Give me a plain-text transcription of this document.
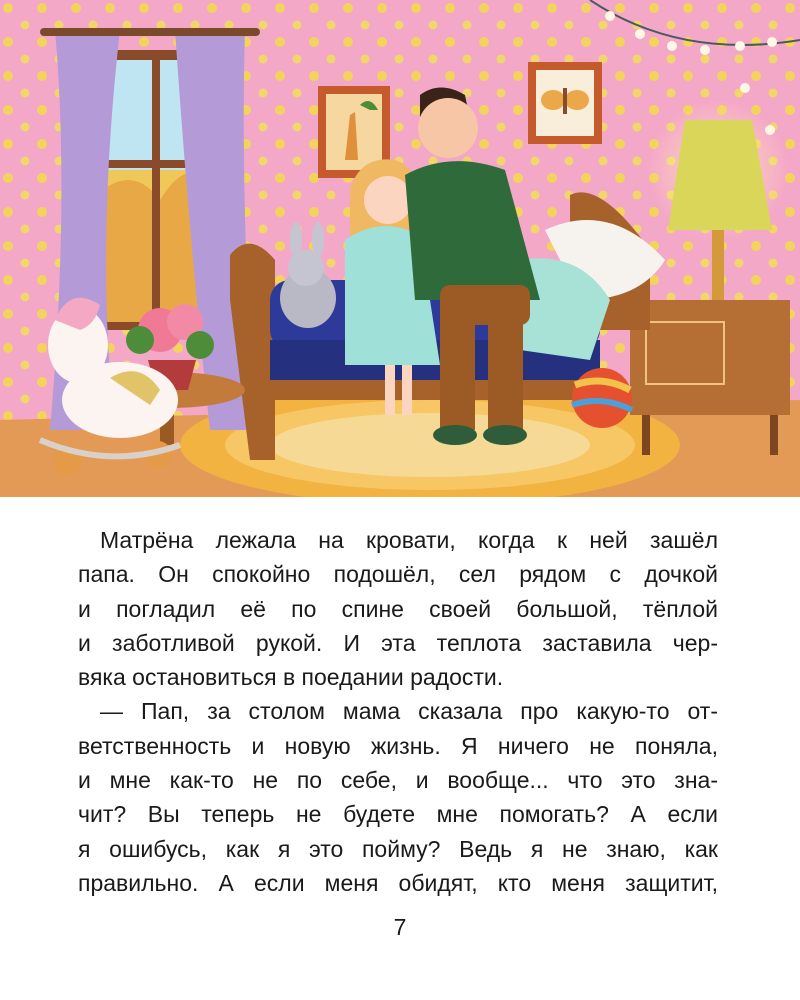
Матрёна лежала на кровати, когда к ней зашёл
папа. Он спокойно подошёл, сел рядом с дочкой
и погладил её по спине своей большой, тёплой
и заботливой рукой. И эта теплота заставила чер-
вяка остановиться в поедании радости.
— Пап, за столом мама сказала про какую-то от-
ветственность и новую жизнь. Я ничего не поняла,
и мне как-то не по себе, и вообще... что это зна-
чит? Вы теперь не будете мне помогать? А если
я ошибусь, как я это пойму? Ведь я не знаю, как
правильно. А если меня обидят, кто меня защитит,
7
